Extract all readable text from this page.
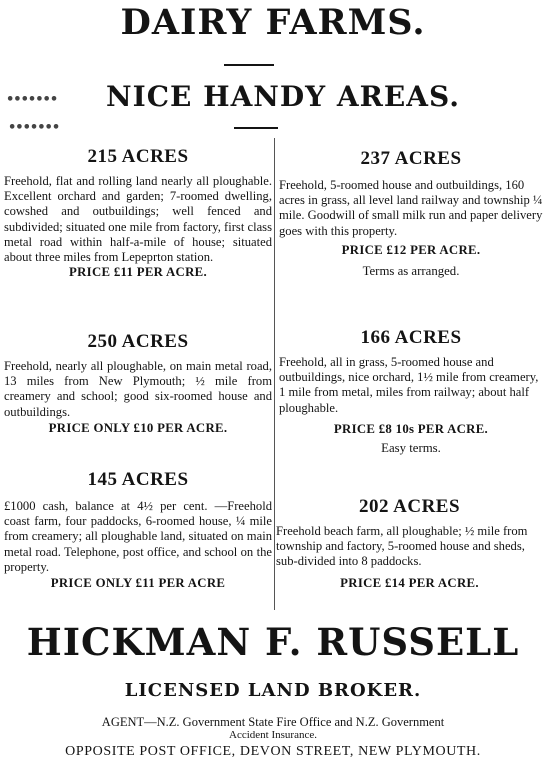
DAIRY FARMS.
•••••••	NICE HANDY AREAS.
•••••••
215 ACRES
Freehold, flat and rolling land nearly all ploughable. Excellent orchard and garden; 7-roomed dwelling, cowshed and outbuildings; well fenced and subdivided; situated one mile from factory, first class metal road within half-a-mile of house; situated about three miles from Lepeprton station.
PRICE £11 PER ACRE.
250 ACRES
Freehold, nearly all ploughable, on main metal road, 13 miles from New Plymouth; ½ mile from creamery and school; good six-roomed house and outbuildings.
PRICE ONLY £10 PER ACRE.
145 ACRES
£1000 cash, balance at 4½ per cent. —Freehold coast farm, four paddocks, 6-roomed house, ¼ mile from creamery; all ploughable land, situated on main metal road. Telephone, post office, and school on the property.
PRICE ONLY £11 PER ACRE
237 ACRES
Freehold, 5-roomed house and outbuildings, 160 acres in grass, all level land railway and township ¼ mile. Goodwill of small milk run and paper delivery goes with this property.
PRICE £12 PER ACRE.
Terms as arranged.
166 ACRES
Freehold, all in grass, 5-roomed house and outbuildings, nice orchard, 1½ mile from creamery, 1 mile from metal, miles from railway; about half ploughable.
PRICE £8 10s PER ACRE.
Easy terms.
202 ACRES
Freehold beach farm, all ploughable; ½ mile from township and factory, 5-roomed house and sheds, sub-divided into 8 paddocks.
PRICE £14 PER ACRE.
HICKMAN F. RUSSELL
LICENSED LAND BROKER.
AGENT—N.Z. Government State Fire Office and N.Z. Government
Accident Insurance.
OPPOSITE POST OFFICE, DEVON STREET, NEW PLYMOUTH.
